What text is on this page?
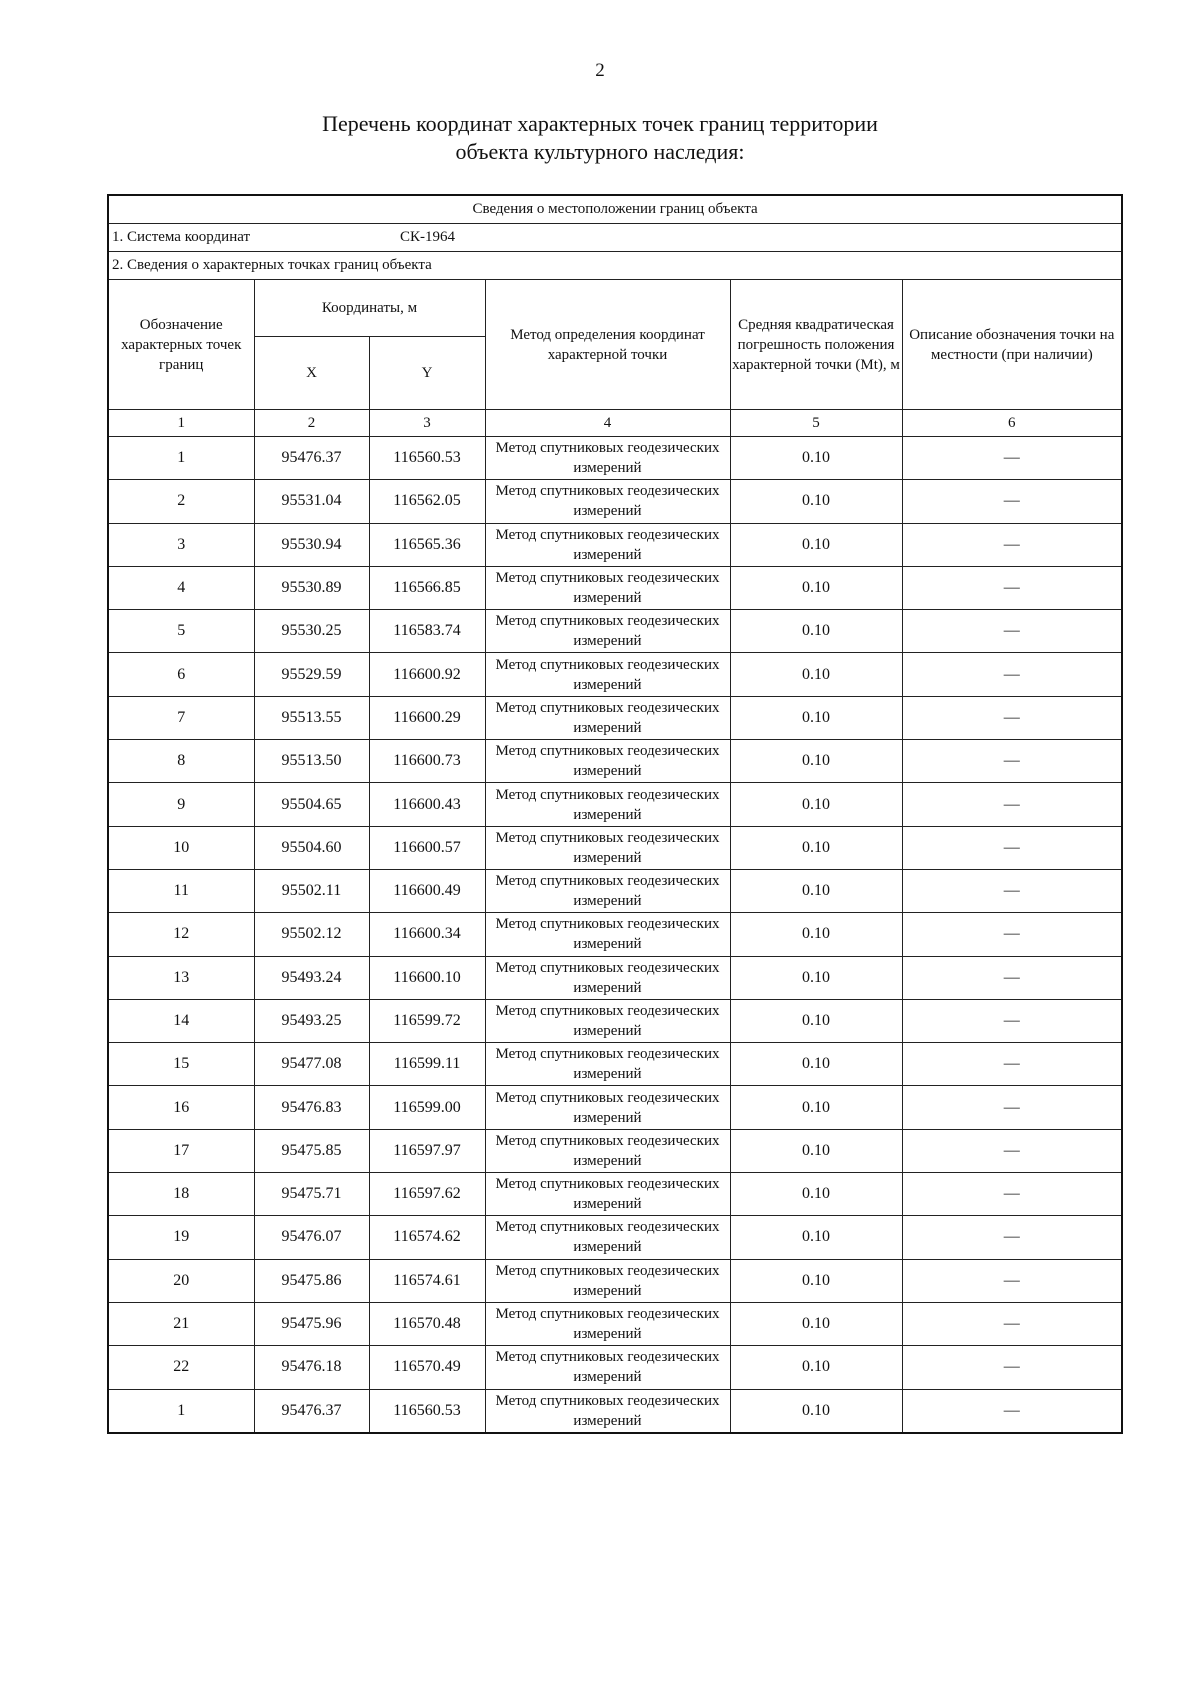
2
Перечень координат характерных точек границ территории
объекта культурного наследия:
Сведения о местоположении границ объекта					
1. Система координат СК-1964					
2. Сведения о характерных точках границ объекта					
Обозначение характерных точек границ	Координаты, м		Метод определения координат характерной точки	Средняя квадратическая погрешность положения характерной точки (Mt), м	Описание обозначения точки на местности (при наличии)
	X	Y			
1	2	3	4	5	6
1	95476.37	116560.53	Метод спутниковых геодезических измерений	0.10	—
2	95531.04	116562.05	Метод спутниковых геодезических измерений	0.10	—
3	95530.94	116565.36	Метод спутниковых геодезических измерений	0.10	—
4	95530.89	116566.85	Метод спутниковых геодезических измерений	0.10	—
5	95530.25	116583.74	Метод спутниковых геодезических измерений	0.10	—
6	95529.59	116600.92	Метод спутниковых геодезических измерений	0.10	—
7	95513.55	116600.29	Метод спутниковых геодезических измерений	0.10	—
8	95513.50	116600.73	Метод спутниковых геодезических измерений	0.10	—
9	95504.65	116600.43	Метод спутниковых геодезических измерений	0.10	—
10	95504.60	116600.57	Метод спутниковых геодезических измерений	0.10	—
11	95502.11	116600.49	Метод спутниковых геодезических измерений	0.10	—
12	95502.12	116600.34	Метод спутниковых геодезических измерений	0.10	—
13	95493.24	116600.10	Метод спутниковых геодезических измерений	0.10	—
14	95493.25	116599.72	Метод спутниковых геодезических измерений	0.10	—
15	95477.08	116599.11	Метод спутниковых геодезических измерений	0.10	—
16	95476.83	116599.00	Метод спутниковых геодезических измерений	0.10	—
17	95475.85	116597.97	Метод спутниковых геодезических измерений	0.10	—
18	95475.71	116597.62	Метод спутниковых геодезических измерений	0.10	—
19	95476.07	116574.62	Метод спутниковых геодезических измерений	0.10	—
20	95475.86	116574.61	Метод спутниковых геодезических измерений	0.10	—
21	95475.96	116570.48	Метод спутниковых геодезических измерений	0.10	—
22	95476.18	116570.49	Метод спутниковых геодезических измерений	0.10	—
1	95476.37	116560.53	Метод спутниковых геодезических измерений	0.10	—
